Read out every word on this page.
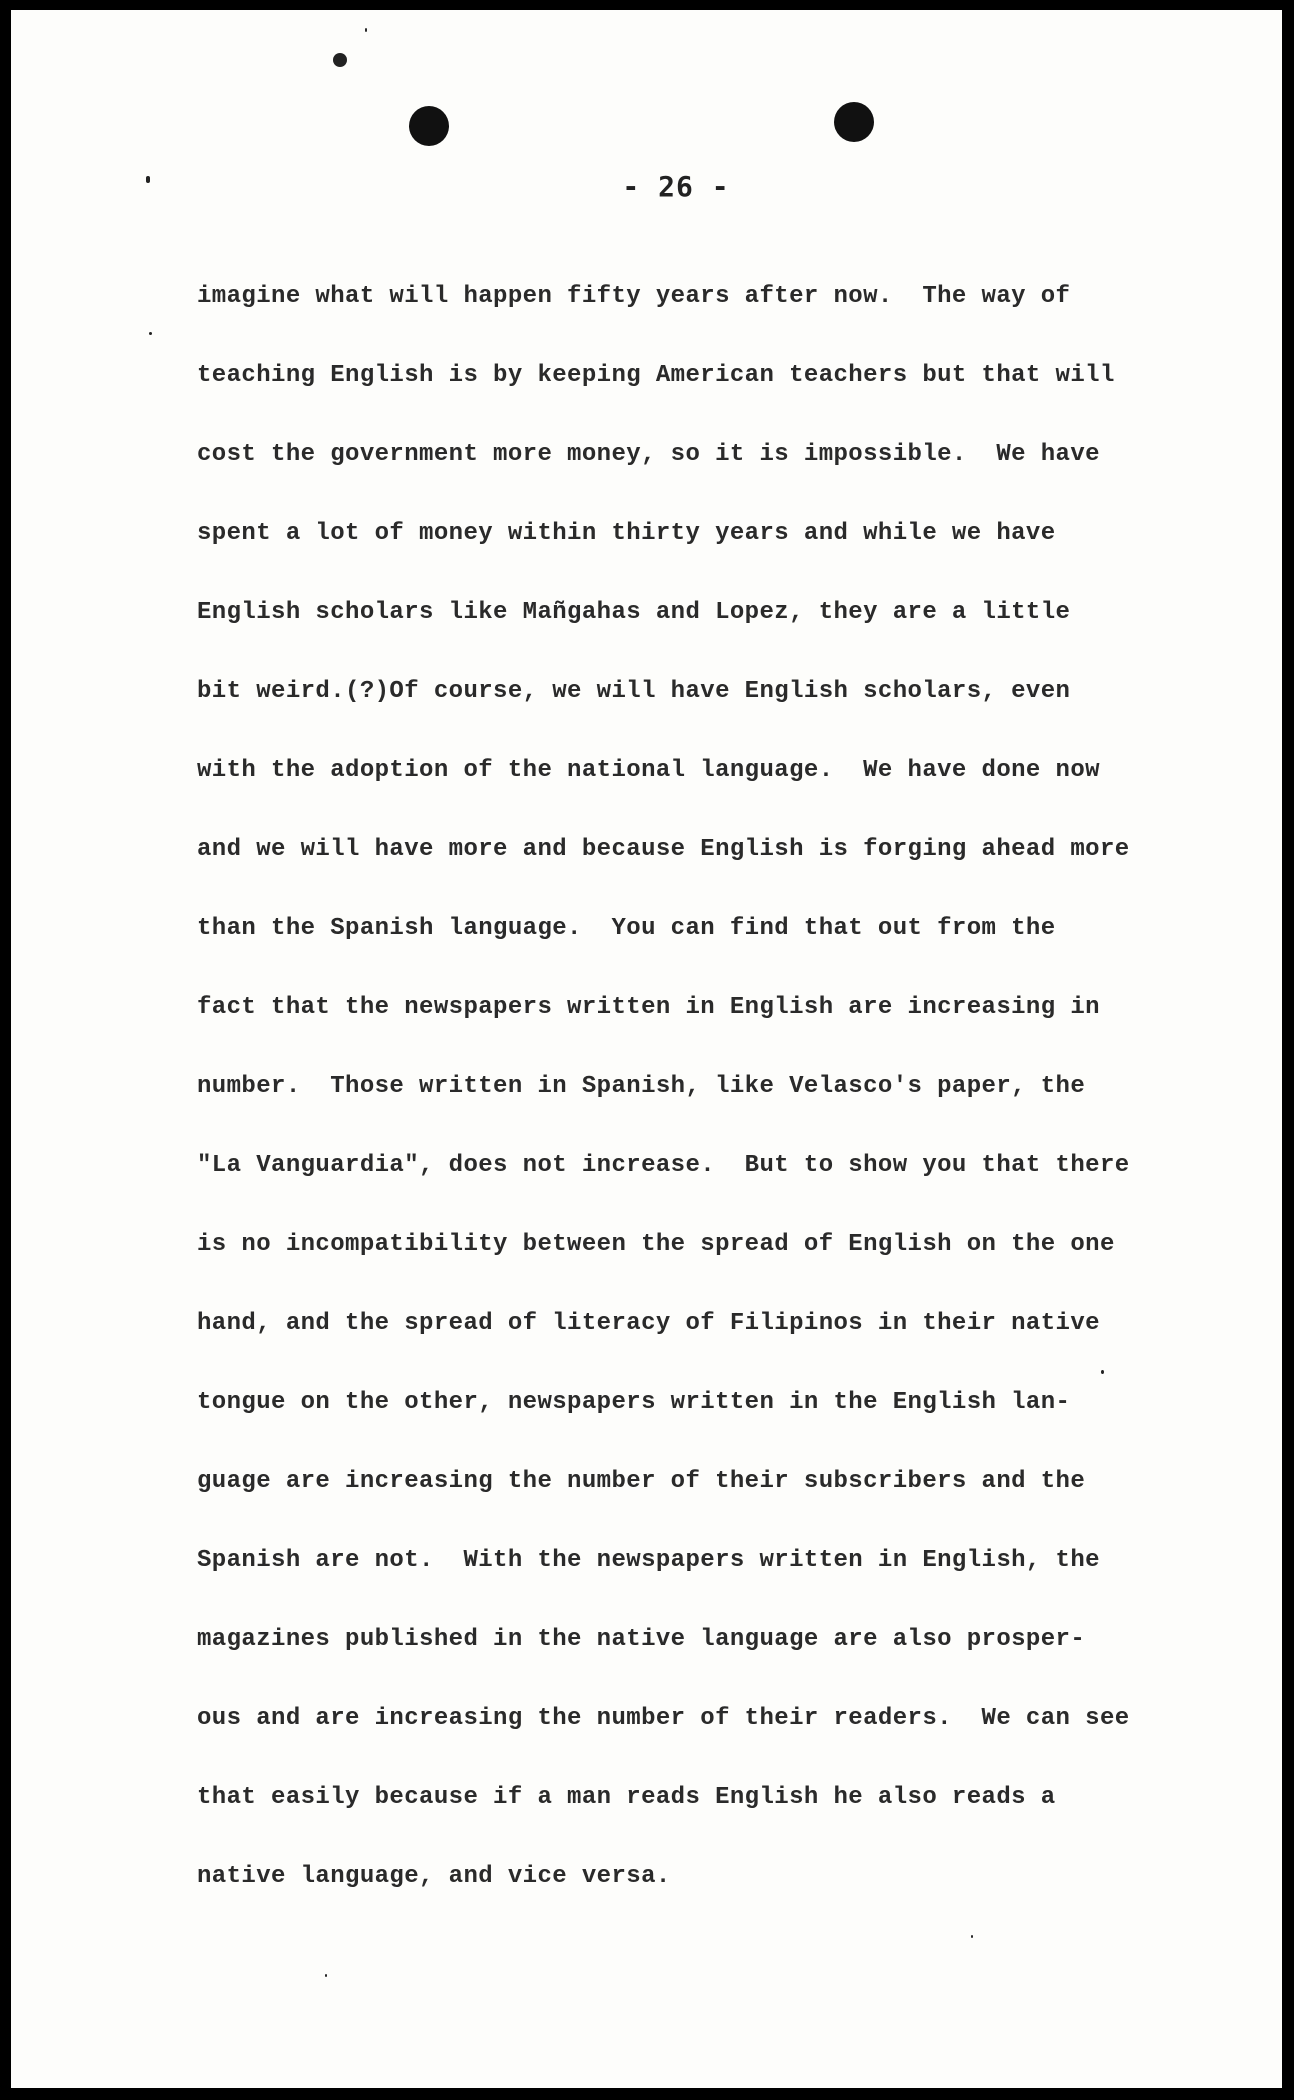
- 26 -
imagine what will happen fifty years after now.  The way of
teaching English is by keeping American teachers but that will
cost the government more money, so it is impossible.  We have
spent a lot of money within thirty years and while we have
English scholars like Mañgahas and Lopez, they are a little
bit weird.(?)Of course, we will have English scholars, even
with the adoption of the national language.  We have done now
and we will have more and because English is forging ahead more
than the Spanish language.  You can find that out from the
fact that the newspapers written in English are increasing in
number.  Those written in Spanish, like Velasco's paper, the
"La Vanguardia", does not increase.  But to show you that there
is no incompatibility between the spread of English on the one
hand, and the spread of literacy of Filipinos in their native
tongue on the other, newspapers written in the English lan-
guage are increasing the number of their subscribers and the
Spanish are not.  With the newspapers written in English, the
magazines published in the native language are also prosper-
ous and are increasing the number of their readers.  We can see
that easily because if a man reads English he also reads a
native language, and vice versa.
